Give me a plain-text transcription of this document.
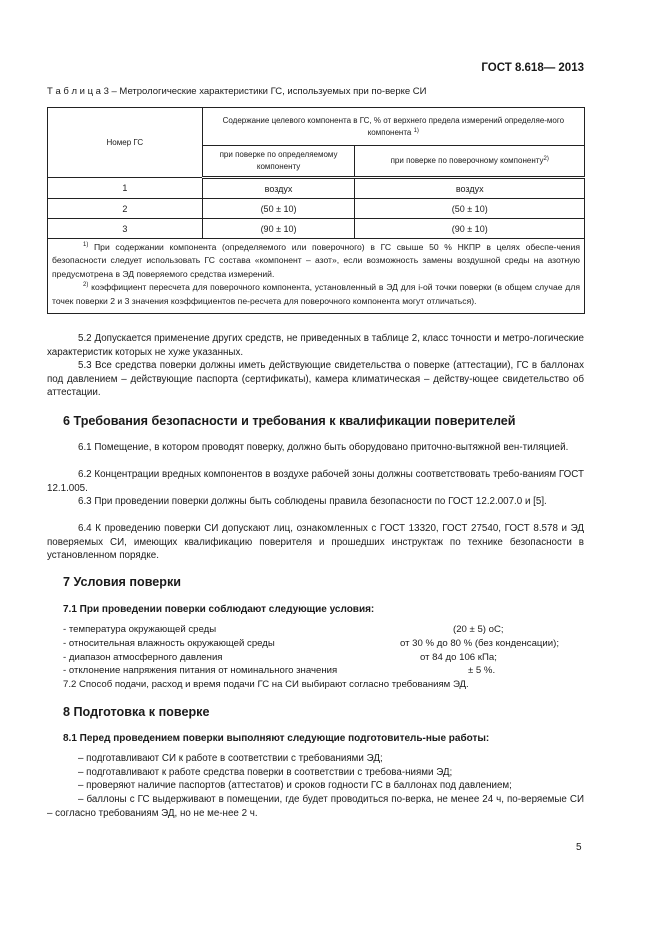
ГОСТ 8.618— 2013
Т а б л и ц а 3 – Метрологические характеристики ГС, используемых при по-верке СИ
Номер ГС	Содержание целевого компонента в ГС, % от верхнего предела измерений определяе-мого компонента $^{1)}$
	при поверке по определяемому компоненту	при поверке по поверочному компоненту$^{2)}$
1	воздух	воздух
2	(50 ± 10)	(50 ± 10)
3	(90 ± 10)	(90 ± 10)

$^{1)}$ При содержании компонента (определяемого или поверочного) в ГС свыше 50 % НКПР в целях обеспе-чения безопасности следует использовать ГС состава «компонент – азот», если возможность замены воздушной среды на азотную предусмотрена в ЭД поверяемого средства измерений.
$^{2)}$ коэффициент пересчета для поверочного компонента, установленный в ЭД для i-ой точки поверки (в общем случае для точек поверки 2 и 3 значения коэффициентов пе-ресчета для поверочного компонента могут отличаться).		
5.2 Допускается применение других средств, не приведенных в таблице 2, класс точности и метро-логические характеристик которых не хуже указанных.
5.3 Все средства поверки должны иметь действующие свидетельства о поверке (аттестации), ГС в баллонах под давлением – действующие паспорта (сертификаты), камера климатическая – действу-ющее свидетельство об аттестации.
6 Требования безопасности и требования к квалификации поверителей
6.1 Помещение, в котором проводят поверку, должно быть оборудовано приточно-вытяжной вен-тиляцией.
6.2 Концентрации вредных компонентов в воздухе рабочей зоны должны соответствовать требо-ваниям ГОСТ 12.1.005.
6.3 При проведении поверки должны быть соблюдены правила безопасности по ГОСТ 12.2.007.0 и [5].
6.4 К проведению поверки СИ допускают лиц, ознакомленных с ГОСТ 13320, ГОСТ 27540, ГОСТ 8.578 и ЭД поверяемых СИ, имеющих квалификацию поверителя и прошедших инструктаж по технике безопасности в установленном порядке.
7 Условия поверки
7.1 При проведении поверки соблюдают следующие условия:
- температура окружающей среды	(20 ± 5) оС;
- относительная влажность окружающей среды	от 30 % до 80 % (без конденсации);
- диапазон атмосферного давления	от 84 до 106 кПа;
- отклонение напряжения питания от номинального значения	± 5 %.
7.2 Способ подачи, расход и время подачи ГС на СИ выбирают согласно требованиям ЭД.
8 Подготовка к поверке
8.1 Перед проведением поверки выполняют следующие подготовитель-ные работы:
– подготавливают СИ к работе в соответствии с требованиями ЭД;
– подготавливают к работе средства поверки в соответствии с требова-ниями ЭД;
– проверяют наличие паспортов (аттестатов) и сроков годности ГС в баллонах под давлением;
– баллоны с ГС выдерживают в помещении, где будет проводиться по-верка, не менее 24 ч, по-веряемые СИ – согласно требованиям ЭД, но не ме-нее 2 ч.
5
